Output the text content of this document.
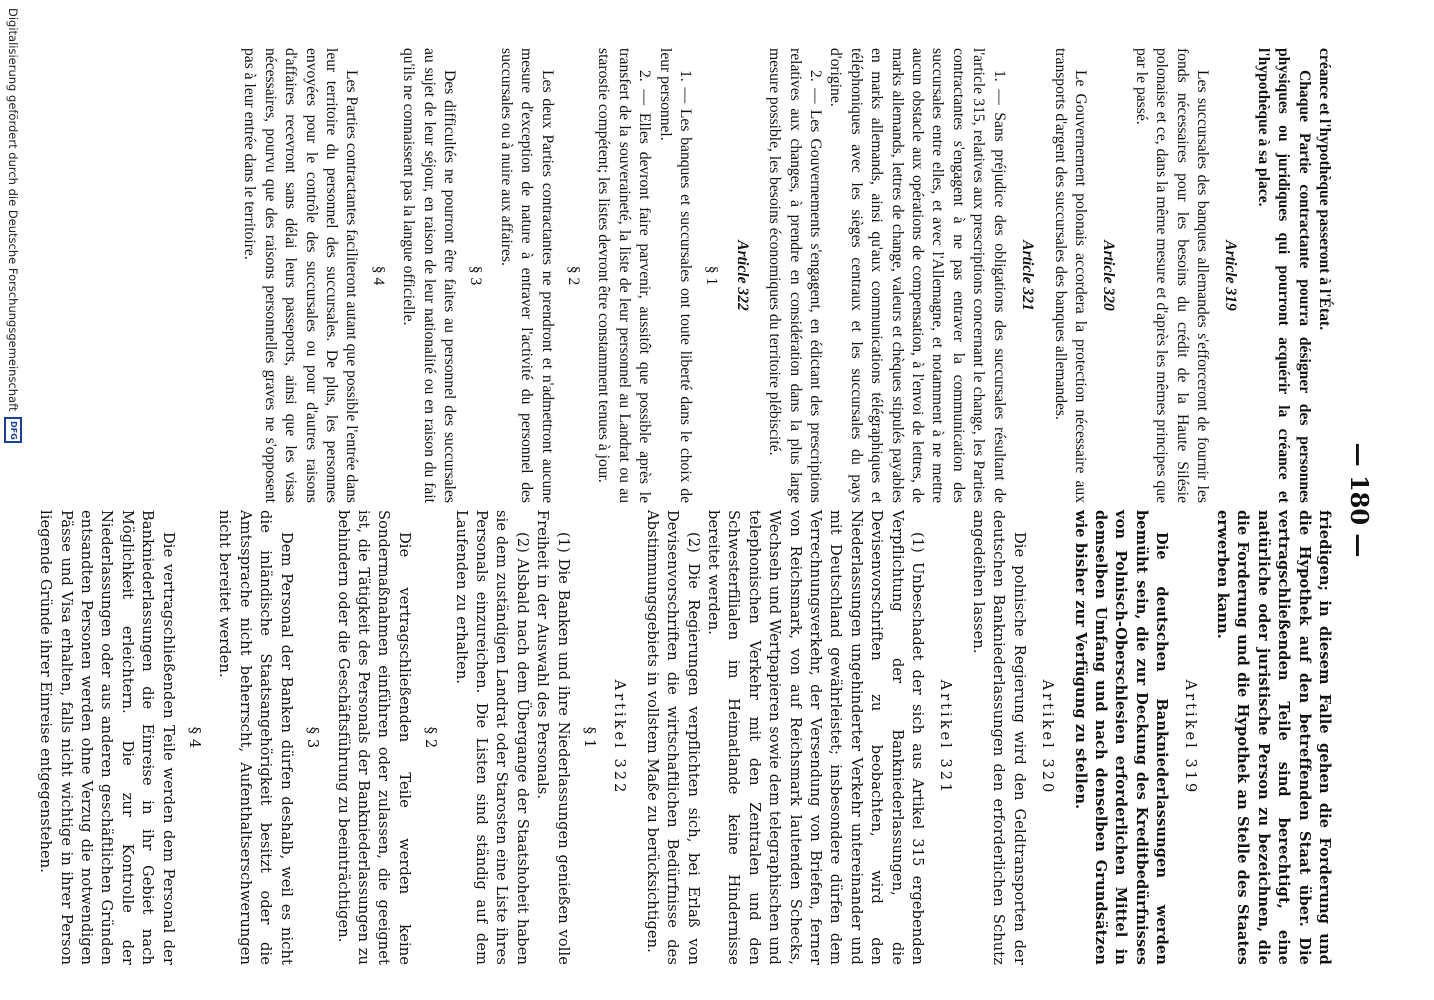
— 180 —

créance et l'hypothèque passeront à l'État.

Chaque Partie contractante pourra désigner des personnes physiques ou juridiques qui pourront acquérir la créance et l'hypothèque à sa place.

Article 319

Les succursales des banques allemandes s'efforceront de fournir les fonds nécessaires pour les besoins du crédit de la Haute Silésie polonaise et ce, dans la même mesure et d'après les mêmes principes que par le passé.

Article 320

Le Gouvernement polonais accordera la protection nécessaire aux transports d'argent des succursales des banques allemandes.

Article 321

1. — Sans préjudice des obligations des succursales résultant de l'article 315, relatives aux prescriptions concernant le change, les Parties contractantes s'engagent à ne pas entraver la communication des succursales entre elles, et avec l'Allemagne, et notamment à ne mettre aucun obstacle aux opérations de compensation, à l'envoi de lettres, de marks allemands, lettres de change, valeurs et chèques stipulés payables en marks allemands, ainsi qu'aux communications télégraphiques et téléphoniques avec les sièges centraux et les succursales du pays d'origine.

2. — Les Gouvernements s'engagent, en édictant des prescriptions relatives aux changes, à prendre en considération dans la plus large mesure possible, les besoins économiques du territoire plébiscité.

Article 322
§ 1

1. — Les banques et succursales ont toute liberté dans le choix de leur personnel.

2. — Elles devront faire parvenir, aussitôt que possible après le transfert de la souveraineté, la liste de leur personnel au Landrat ou au starostie compétent; les listes devront être constamment tenues à jour.

§ 2

Les deux Parties contractantes ne prendront et n'admettront aucune mesure d'exception de nature à entraver l'activité du personnel des succursales ou à nuire aux affaires.

§ 3

Des difficultés ne pourront être faites au personnel des succursales au sujet de leur séjour, en raison de leur nationalité ou en raison du fait qu'ils ne connaissent pas la langue officielle.

§ 4

Les Parties contractantes faciliteront autant que possible l'entrée dans leur territoire du personnel des succursales. De plus, les personnes envoyées pour le contrôle des succursales ou pour d'autres raisons d'affaires recevront sans délai leurs passeports, ainsi que les visas nécessaires, pourvu que des raisons personnelles graves ne s'opposent pas à leur entrée dans le territoire.

friedigen; in diesem Falle gehen die Forderung und die Hypothek auf den betreffenden Staat über. Die vertragschließenden Teile sind berechtigt, eine natürliche oder juristische Person zu bezeichnen, die die Forderung und die Hypothek an Stelle des Staates erwerben kann.

Artikel 319

Die deutschen Bankniederlassungen werden bemüht sein, die zur Deckung des Kreditbedürfnisses von Polnisch-Oberschlesien erforderlichen Mittel in demselben Umfang und nach denselben Grundsätzen wie bisher zur Verfügung zu stellen.

Artikel 320

Die polnische Regierung wird den Geldtransporten der deutschen Bankniederlassungen den erforderlichen Schutz angedeihen lassen.

Artikel 321

(1) Unbeschadet der sich aus Artikel 315 ergebenden Verpflichtung der Bankniederlassungen, die Devisenvorschriften zu beobachten, wird den Niederlassungen ungehinderter Verkehr untereinander und mit Deutschland gewährleistet; insbesondere dürfen dem Verrechnungsverkehr, der Versendung von Briefen, ferner von Reichsmark, von auf Reichsmark lautenden Schecks, Wechseln und Wertpapieren sowie dem telegraphischen und telephonischen Verkehr mit den Zentralen und den Schwesterfilialen im Heimatlande keine Hindernisse bereitet werden.

(2) Die Regierungen verpflichten sich, bei Erlaß von Devisenvorschriften die wirtschaftlichen Bedürfnisse des Abstimmungsgebiets in vollstem Maße zu berücksichtigen.

Artikel 322
§ 1

(1) Die Banken und ihre Niederlassungen genießen volle Freiheit in der Auswahl des Personals.

(2) Alsbald nach dem Übergange der Staatshoheit haben sie dem zuständigen Landrat oder Starosten eine Liste ihres Personals einzureichen. Die Listen sind ständig auf dem Laufenden zu erhalten.

§ 2

Die vertragschließenden Teile werden keine Sondermaßnahmen einführen oder zulassen, die geeignet ist, die Tätigkeit des Personals der Bankniederlassungen zu behindern oder die Geschäftsführung zu beeinträchtigen.

§ 3

Dem Personal der Banken dürfen deshalb, weil es nicht die inländische Staatsangehörigkeit besitzt oder die Amtssprache nicht beherrscht, Aufenthaltserschwerungen nicht bereitet werden.

§ 4

Die vertragschließenden Teile werden dem Personal der Bankniederlassungen die Einreise in ihr Gebiet nach Möglichkeit erleichtern. Die zur Kontrolle der Niederlassungen oder aus anderen geschäftlichen Gründen entsandten Personen werden ohne Verzug die notwendigen Pässe und Visa erhalten, falls nicht wichtige in ihrer Person liegende Gründe ihrer Einreise entgegenstehen.

Digitalisierung gefördert durch die Deutsche Forschungsgemeinschaft
DFG
